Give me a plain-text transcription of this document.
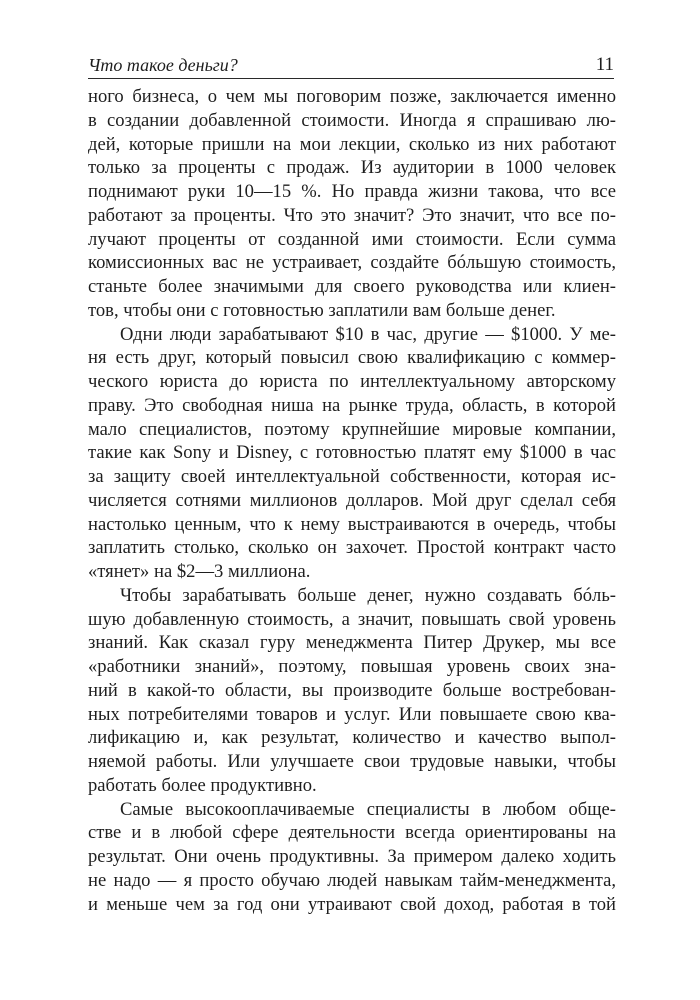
Что такое деньги?	11
ного бизнеса, о чем мы поговорим позже, заключается именно
в создании добавленной стоимости. Иногда я спрашиваю лю-
дей, которые пришли на мои лекции, сколько из них работают
только за проценты с продаж. Из аудитории в 1000 человек
поднимают руки 10—15 %. Но правда жизни такова, что все
работают за проценты. Что это значит? Это значит, что все по-
лучают проценты от созданной ими стоимости. Если сумма
комиссионных вас не устраивает, создайте бóльшую стоимость,
станьте более значимыми для своего руководства или клиен-
тов, чтобы они с готовностью заплатили вам больше денег.
Одни люди зарабатывают $10 в час, другие — $1000. У ме-
ня есть друг, который повысил свою квалификацию с коммер-
ческого юриста до юриста по интеллектуальному авторскому
праву. Это свободная ниша на рынке труда, область, в которой
мало специалистов, поэтому крупнейшие мировые компании,
такие как Sony и Disney, с готовностью платят ему $1000 в час
за защиту своей интеллектуальной собственности, которая ис-
числяется сотнями миллионов долларов. Мой друг сделал себя
настолько ценным, что к нему выстраиваются в очередь, чтобы
заплатить столько, сколько он захочет. Простой контракт часто
«тянет» на $2—3 миллиона.
Чтобы зарабатывать больше денег, нужно создавать бóль-
шую добавленную стоимость, а значит, повышать свой уровень
знаний. Как сказал гуру менеджмента Питер Друкер, мы все
«работники знаний», поэтому, повышая уровень своих зна-
ний в какой-то области, вы производите больше востребован-
ных потребителями товаров и услуг. Или повышаете свою ква-
лификацию и, как результат, количество и качество выпол-
няемой работы. Или улучшаете свои трудовые навыки, чтобы
работать более продуктивно.
Самые высокооплачиваемые специалисты в любом обще-
стве и в любой сфере деятельности всегда ориентированы на
результат. Они очень продуктивны. За примером далеко ходить
не надо — я просто обучаю людей навыкам тайм-менеджмента,
и меньше чем за год они утраивают свой доход, работая в той
